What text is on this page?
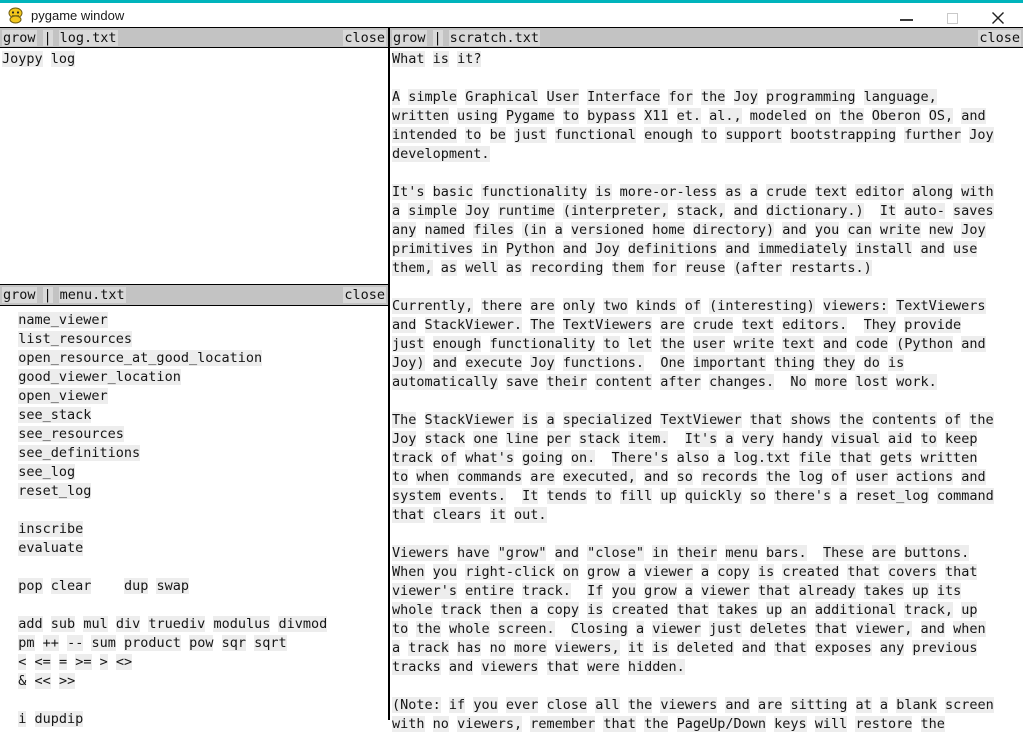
pygame window
grow | log.txt	close
Joypy log
grow | menu.txt	close
name_viewer
list_resources
open_resource_at_good_location
good_viewer_location
open_viewer
see_stack
see_resources
see_definitions
see_log
reset_log

inscribe
evaluate

pop clear dup swap

add sub mul div truediv modulus divmod
pm ++ -- sum product pow sqr sqrt
< <= = >= > <>
& << >>

i dupdip
grow | scratch.txt	close
What is it?

A simple Graphical User Interface for the Joy programming language,
written using Pygame to bypass X11 et. al., modeled on the Oberon OS, and
intended to be just functional enough to support bootstrapping further Joy
development.

It's basic functionality is more-or-less as a crude text editor along with
a simple Joy runtime (interpreter, stack, and dictionary.) It auto- saves
any named files (in a versioned home directory) and you can write new Joy
primitives in Python and Joy definitions and immediately install and use
them, as well as recording them for reuse (after restarts.)

Currently, there are only two kinds of (interesting) viewers: TextViewers
and StackViewer. The TextViewers are crude text editors. They provide
just enough functionality to let the user write text and code (Python and
Joy) and execute Joy functions. One important thing they do is
automatically save their content after changes. No more lost work.

The StackViewer is a specialized TextViewer that shows the contents of the
Joy stack one line per stack item. It's a very handy visual aid to keep
track of what's going on. There's also a log.txt file that gets written
to when commands are executed, and so records the log of user actions and
system events. It tends to fill up quickly so there's a reset_log command
that clears it out.

Viewers have "grow" and "close" in their menu bars. These are buttons.
When you right-click on grow a viewer a copy is created that covers that
viewer's entire track. If you grow a viewer that already takes up its
whole track then a copy is created that takes up an additional track, up
to the whole screen. Closing a viewer just deletes that viewer, and when
a track has no more viewers, it is deleted and that exposes any previous
tracks and viewers that were hidden.

(Note: if you ever close all the viewers and are sitting at a blank screen
with no viewers, remember that the PageUp/Down keys will restore the
